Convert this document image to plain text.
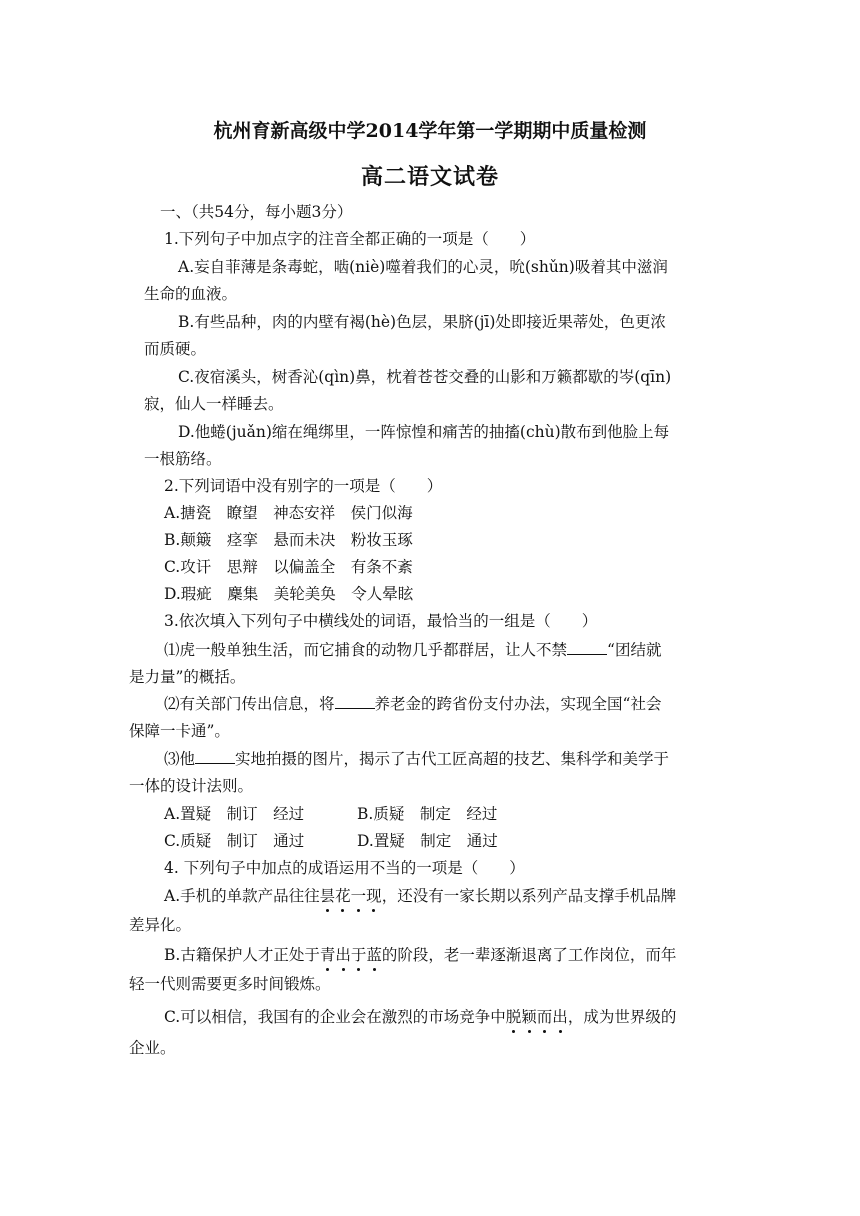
杭州育新高级中学2014学年第一学期期中质量检测
高二语文试卷
一、（共54分，每小题3分）
1.下列句子中加点字的注音全都正确的一项是（　　）
A.妄自菲薄是条毒蛇，啮(niè)噬着我们的心灵，吮(shǔn)吸着其中滋润
生命的血液。
B.有些品种，肉的内壁有褐(hè)色层，果脐(jī)处即接近果蒂处，色更浓
而质硬。
C.夜宿溪头，树香沁(qìn)鼻，枕着苍苍交叠的山影和万籁都歇的岑(qīn)
寂，仙人一样睡去。
D.他蜷(juǎn)缩在绳绑里，一阵惊惶和痛苦的抽搐(chù)散布到他脸上每
一根筋络。
2.下列词语中没有别字的一项是（　　）
A.搪瓷　瞭望　神态安祥　侯门似海
B.颠簸　痉挛　悬而未决　粉妆玉琢
C.攻讦　思辩　以偏盖全　有条不紊
D.瑕疵　麇集　美轮美奂　令人晕眩
3.依次填入下列句子中横线处的词语，最恰当的一组是（　　）
⑴虎一般单独生活，而它捕食的动物几乎都群居，让人不禁	“团结就
是力量”的概括。
⑵有关部门传出信息，将	养老金的跨省份支付办法，实现全国“社会
保障一卡通”。
⑶他	实地拍摄的图片，揭示了古代工匠高超的技艺、集科学和美学于
一体的设计法则。
A.置疑　制订　经过	B.质疑　制定　经过
C.质疑　制订　通过	D.置疑　制定　通过
4. 下列句子中加点的成语运用不当的一项是（　　）
A.手机的单款产品往往昙花一现，还没有一家长期以系列产品支撑手机品牌
差异化。
B.古籍保护人才正处于青出于蓝的阶段，老一辈逐渐退离了工作岗位，而年
轻一代则需要更多时间锻炼。
C.可以相信，我国有的企业会在激烈的市场竞争中脱颖而出，成为世界级的
企业。
